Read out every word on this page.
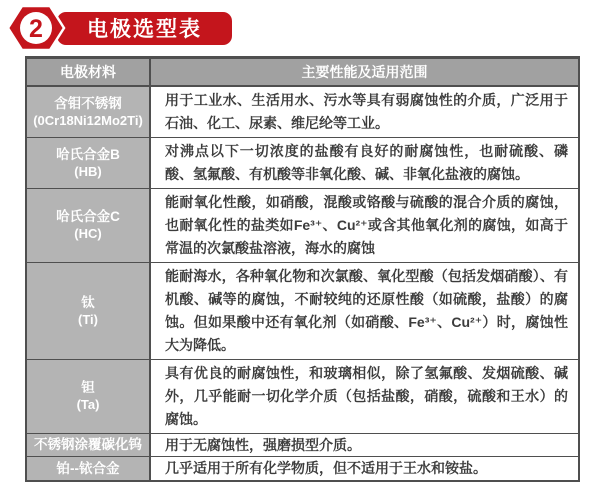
电极选型表
2
电极材料	主要性能及适用范围
含钼不锈钢
(0Cr18Ni12Mo2Ti)	用于工业水、生活用水、污水等具有弱腐蚀性的介质，广泛用于石油、化工、尿素、维尼纶等工业。
哈氏合金B
(HB)	对沸点以下一切浓度的盐酸有良好的耐腐蚀性，也耐硫酸、磷酸、氢氟酸、有机酸等非氧化酸、碱、非氧化盐液的腐蚀。
哈氏合金C
(HC)	能耐氧化性酸，如硝酸，混酸或铬酸与硫酸的混合介质的腐蚀，也耐氧化性的盐类如Fe³⁺、Cu²⁺或含其他氧化剂的腐蚀，如高于常温的次氯酸盐溶液，海水的腐蚀
钛
(Ti)	能耐海水，各种氧化物和次氯酸、氧化型酸（包括发烟硝酸）、有机酸、碱等的腐蚀，不耐较纯的还原性酸（如硫酸，盐酸）的腐蚀。但如果酸中还有氧化剂（如硝酸、Fe³⁺、Cu²⁺）时，腐蚀性大为降低。
钽
(Ta)	具有优良的耐腐蚀性，和玻璃相似，除了氢氟酸、发烟硫酸、碱外，几乎能耐一切化学介质（包括盐酸，硝酸，硫酸和王水）的腐蚀。
不锈钢涂覆碳化钨	用于无腐蚀性，强磨损型介质。
铂--铱合金	几乎适用于所有化学物质，但不适用于王水和铵盐。
